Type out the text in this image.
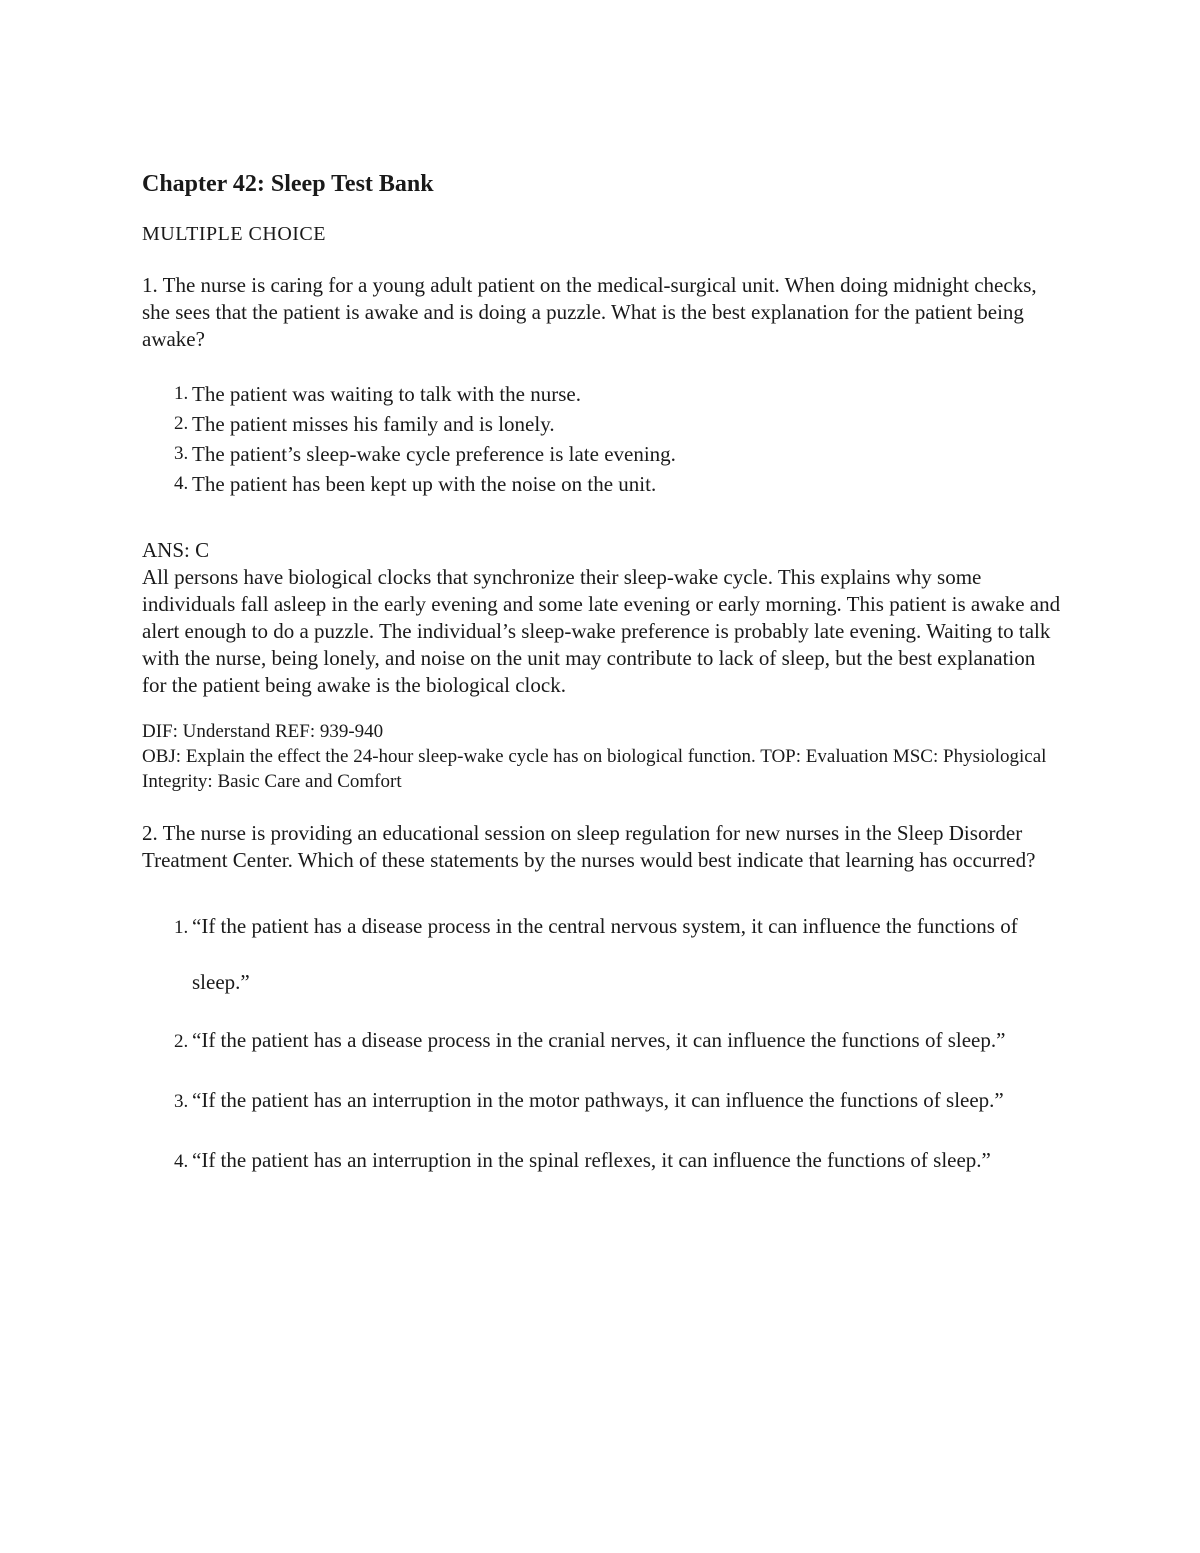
Chapter 42: Sleep Test Bank
MULTIPLE CHOICE
1. The nurse is caring for a young adult patient on the medical-surgical unit. When doing midnight checks, she sees that the patient is awake and is doing a puzzle. What is the best explanation for the patient being awake?
1. The patient was waiting to talk with the nurse.
2. The patient misses his family and is lonely.
3. The patient’s sleep-wake cycle preference is late evening.
4. The patient has been kept up with the noise on the unit.
ANS: C
All persons have biological clocks that synchronize their sleep-wake cycle. This explains why some individuals fall asleep in the early evening and some late evening or early morning. This patient is awake and alert enough to do a puzzle. The individual’s sleep-wake preference is probably late evening. Waiting to talk with the nurse, being lonely, and noise on the unit may contribute to lack of sleep, but the best explanation for the patient being awake is the biological clock.
DIF: Understand REF: 939-940
OBJ: Explain the effect the 24-hour sleep-wake cycle has on biological function. TOP: Evaluation MSC: Physiological Integrity: Basic Care and Comfort
2. The nurse is providing an educational session on sleep regulation for new nurses in the Sleep Disorder Treatment Center. Which of these statements by the nurses would best indicate that learning has occurred?
1. “If the patient has a disease process in the central nervous system, it can influence the functions of sleep.”
2. “If the patient has a disease process in the cranial nerves, it can influence the functions of sleep.”
3. “If the patient has an interruption in the motor pathways, it can influence the functions of sleep.”
4. “If the patient has an interruption in the spinal reflexes, it can influence the functions of sleep.”
